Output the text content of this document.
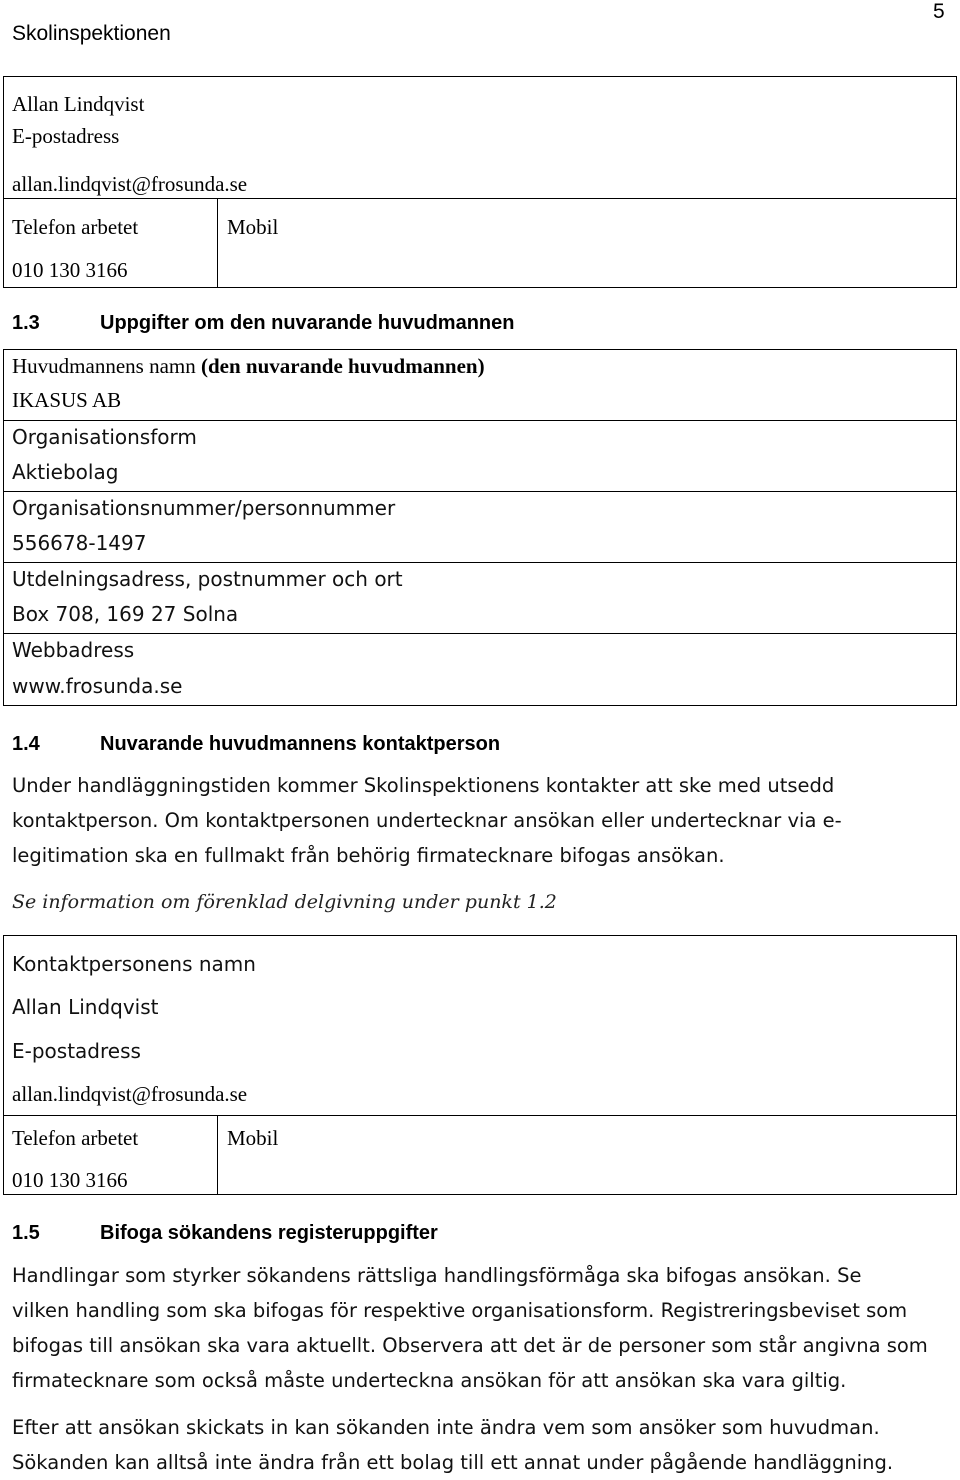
Skolinspektionen
5
Allan Lindqvist
E-postadress
allan.lindqvist@frosunda.se
Telefon arbetet	Mobil
010 130 3166
1.3	Uppgifter om den nuvarande huvudmannen
Huvudmannens namn (den nuvarande huvudmannen)
IKASUS AB
Organisationsform
Aktiebolag
Organisationsnummer/personnummer
556678-1497
Utdelningsadress, postnummer och ort
Box 708, 169 27 Solna
Webbadress
www.frosunda.se
1.4	Nuvarande huvudmannens kontaktperson

Under handläggningstiden kommer Skolinspektionens kontakter att ske med utsedd

kontaktperson. Om kontaktpersonen undertecknar ansökan eller undertecknar via e-

legitimation ska en fullmakt från behörig firmatecknare bifogas ansökan.

Se information om förenklad delgivning under punkt 1.2
Kontaktpersonens namn
Allan Lindqvist
E-postadress
allan.lindqvist@frosunda.se
Telefon arbetet	Mobil
010 130 3166
1.5	Bifoga sökandens registeruppgifter

Handlingar som styrker sökandens rättsliga handlingsförmåga ska bifogas ansökan. Se

vilken handling som ska bifogas för respektive organisationsform. Registreringsbeviset som

bifogas till ansökan ska vara aktuellt. Observera att det är de personer som står angivna som

firmatecknare som också måste underteckna ansökan för att ansökan ska vara giltig.

Efter att ansökan skickats in kan sökanden inte ändra vem som ansöker som huvudman.

Sökanden kan alltså inte ändra från ett bolag till ett annat under pågående handläggning.
